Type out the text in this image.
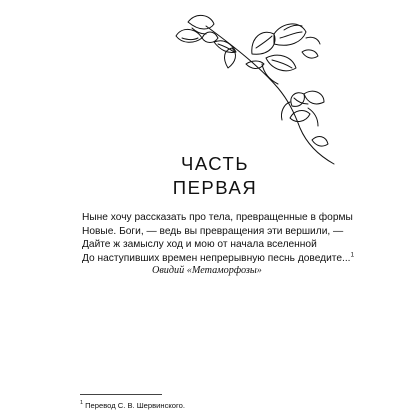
ЧАСТЬ
ПЕРВАЯ
Ныне хочу рассказать про тела, превращенные в формы
Новые. Боги, — ведь вы превращения эти вершили, —
Дайте ж замыслу ход и мою от начала вселенной
До наступивших времен непрерывную песнь доведите...$^1$
Овидий «Метаморфозы»
$^1$ Перевод С. В. Шервинского.
